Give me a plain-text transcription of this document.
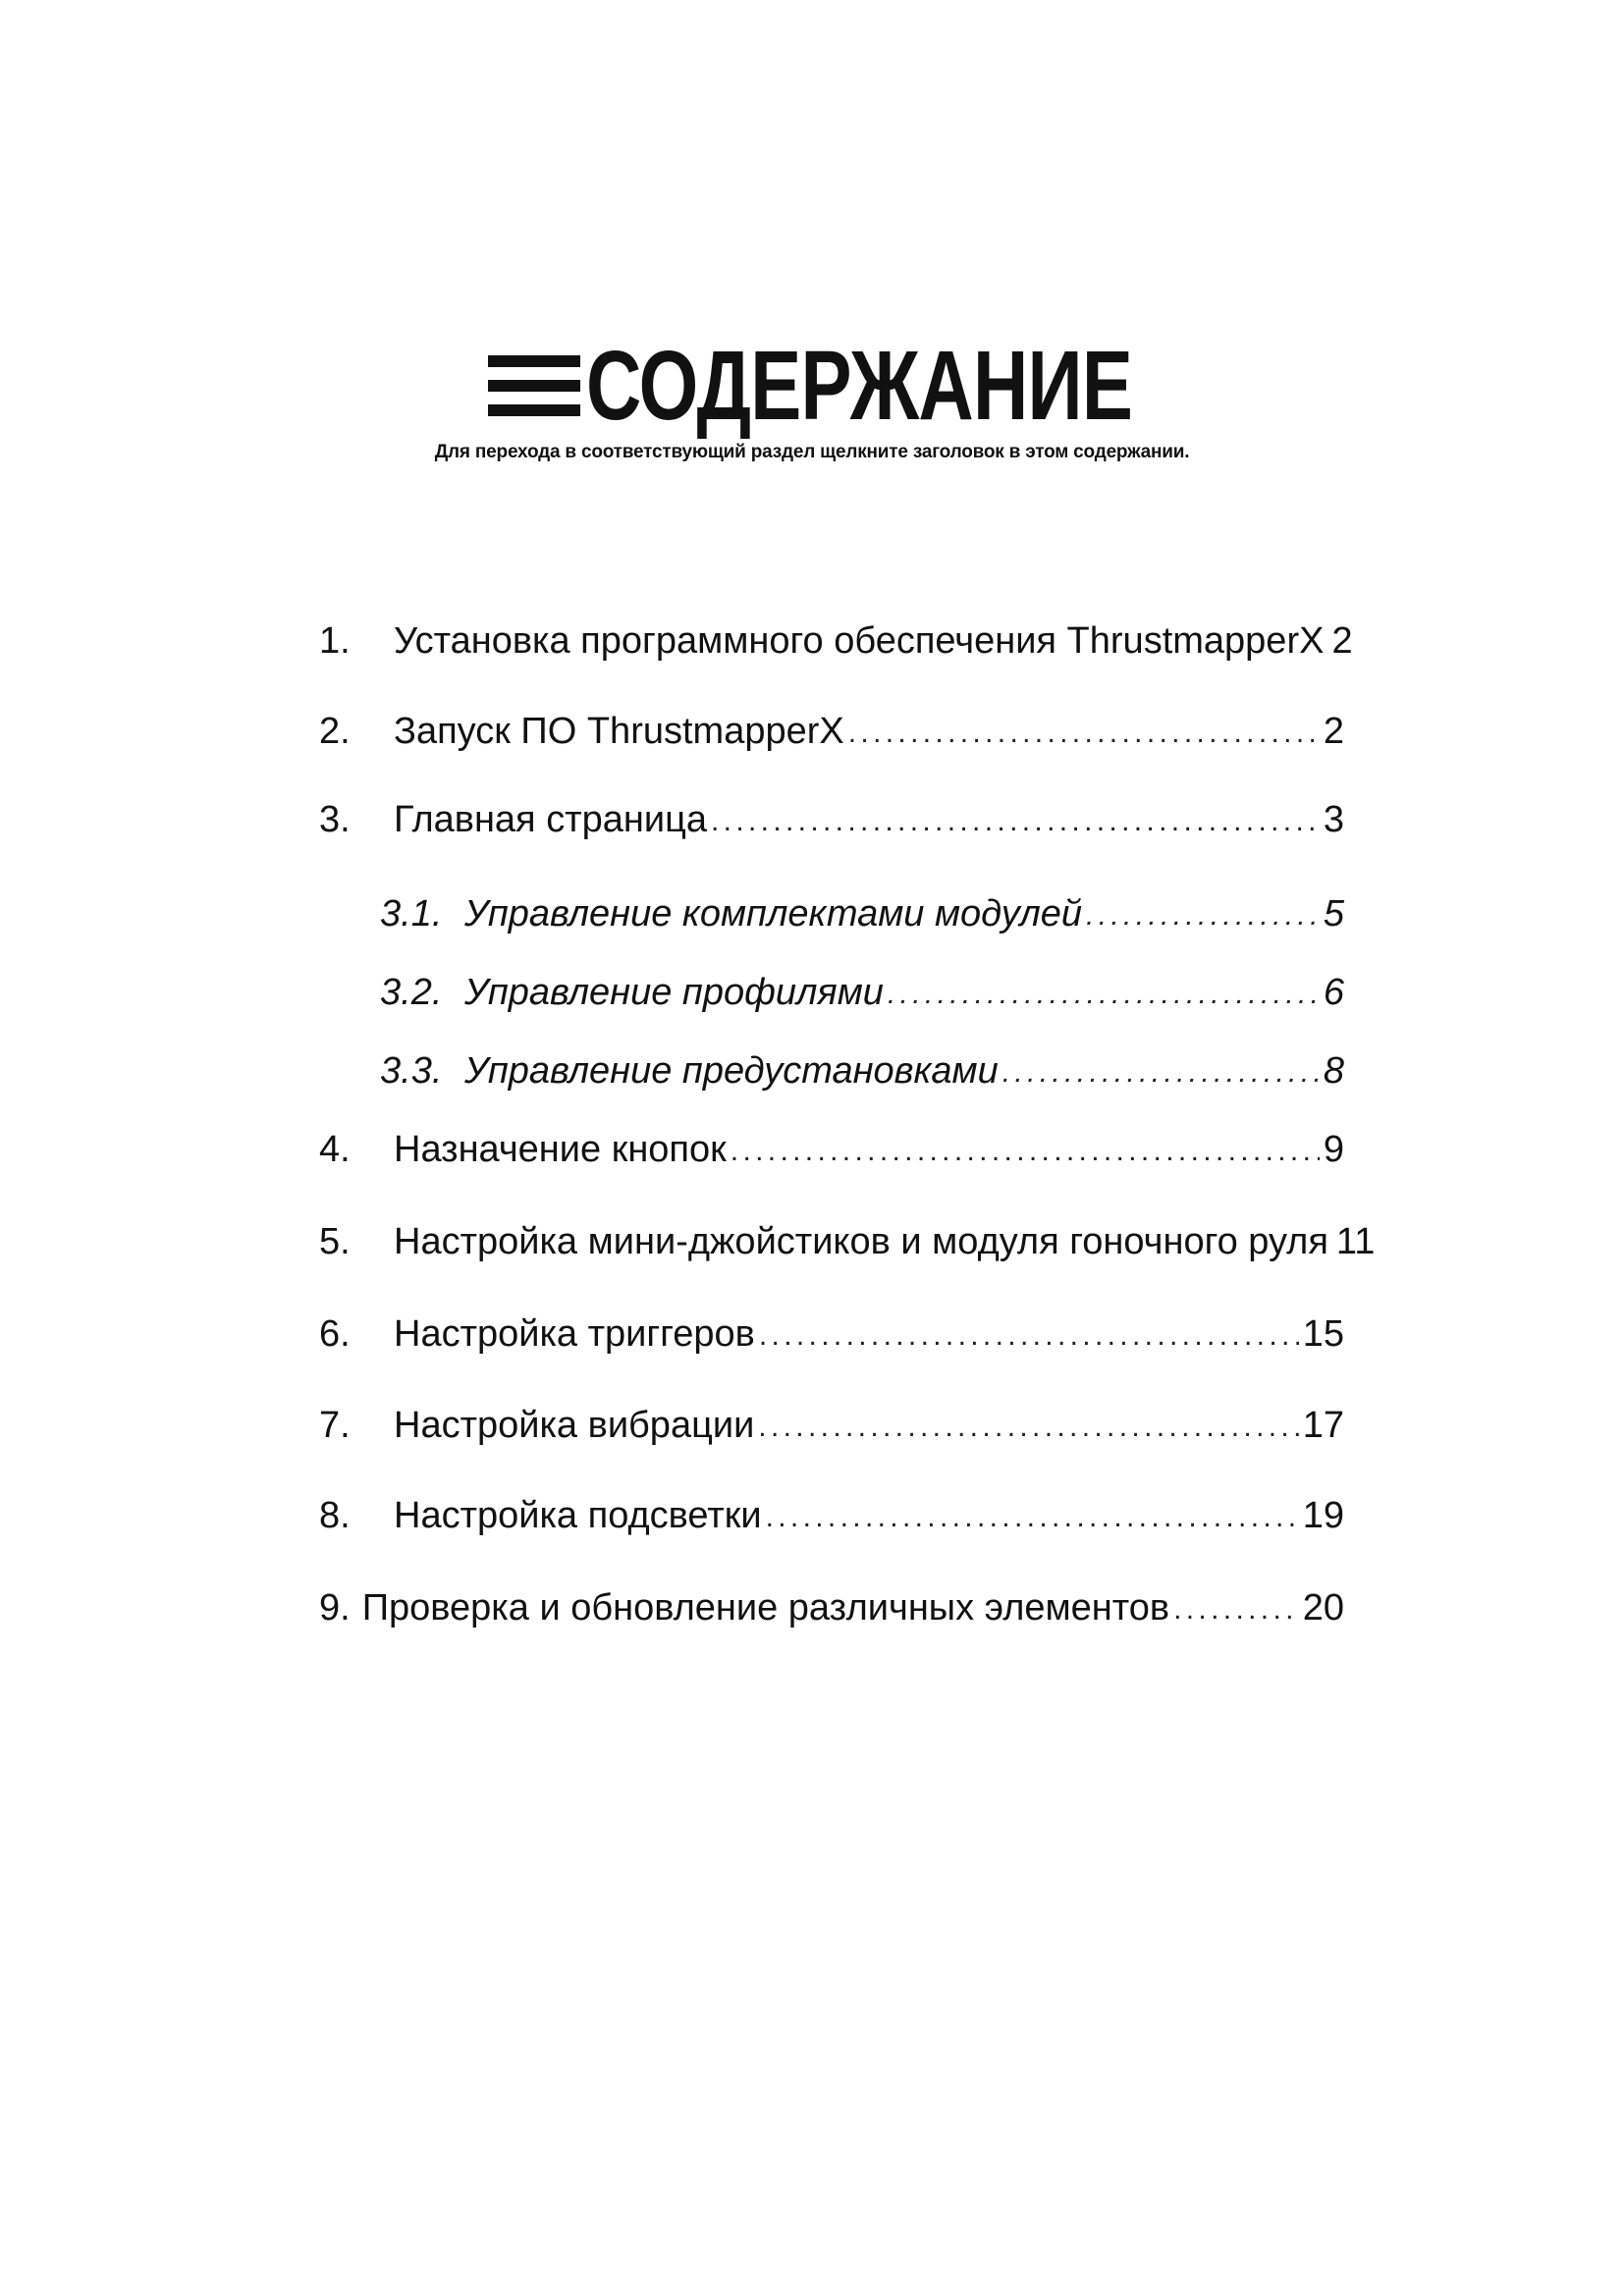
СОДЕРЖАНИЕ
Для перехода в соответствующий раздел щелкните заголовок в этом содержании.
1.	Установка программного обеспечения ThrustmapperX 2
2.	Запуск ПО ThrustmapperX . . .	2
3.	Главная страница . . .	3
3.1. Управление комплектами модулей . . .	5
3.2. Управление профилями . . .	6
3.3. Управление предустановками . . .	8
4.	Назначение кнопок . . .	9
5.	Настройка мини-джойстиков и модуля гоночного руля 11
6.	Настройка триггеров . . .	15
7.	Настройка вибрации . . .	17
8.	Настройка подсветки . . .	19
9. Проверка и обновление различных элементов . . .	20
